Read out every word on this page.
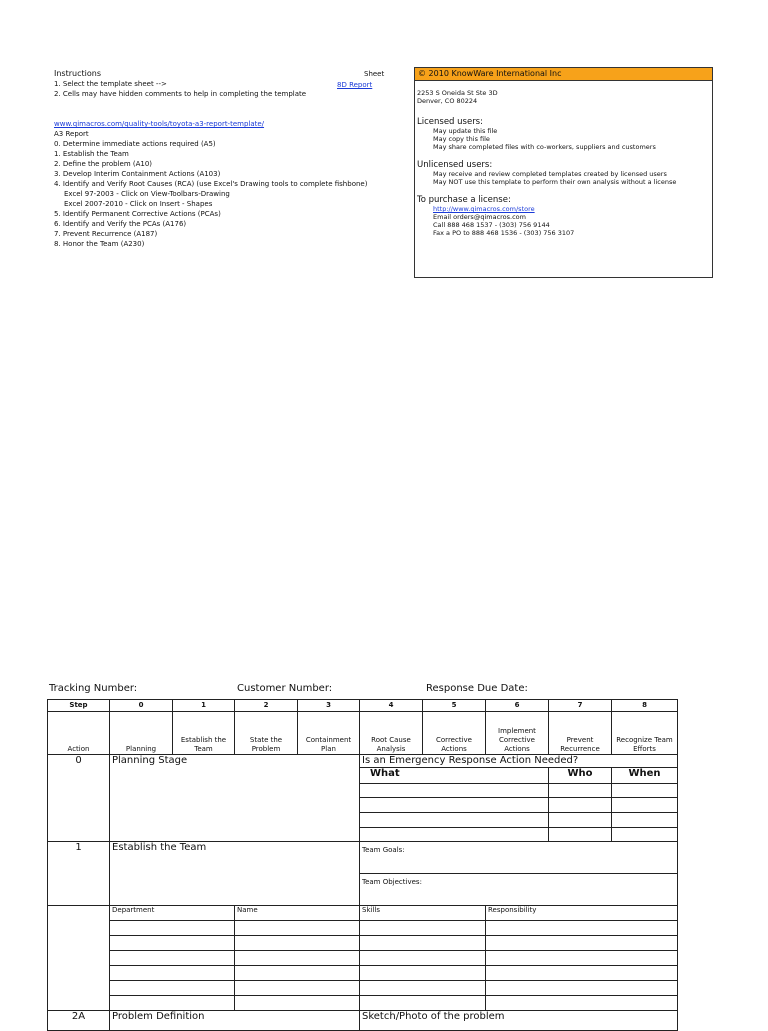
Instructions
1. Select the template sheet -->
2. Cells may have hidden comments to help in completing the template
www.qimacros.com/quality-tools/toyota-a3-report-template/
A3 Report
0. Determine immediate actions required (A5)
1. Establish the Team
2. Define the problem (A10)
3. Develop Interim Containment Actions (A103)
4. Identify and Verify Root Causes (RCA) (use Excel's Drawing tools to complete fishbone)
Excel 97-2003 - Click on View-Toolbars-Drawing
Excel 2007-2010 - Click on Insert - Shapes
5. Identify Permanent Corrective Actions (PCAs)
6. Identify and Verify the PCAs (A176)
7. Prevent Recurrence (A187)
8. Honor the Team (A230)
Sheet
8D Report
© 2010 KnowWare International Inc
2253 S Oneida St Ste 3D
Denver, CO 80224
Licensed users:
May update this file
May copy this file
May share completed files with co-workers, suppliers and customers
Unlicensed users:
May receive and review completed templates created by licensed users
May NOT use this template to perform their own analysis without a license
To purchase a license:
http://www.qimacros.com/store
Email orders@qimacros.com
Call 888 468 1537 - (303) 756 9144
Fax a PO to 888 468 1536 - (303) 756 3107
Tracking Number:	Customer Number:	Response Due Date:
Step	0	1	2	3	4	5	6	7	8
Action	Planning	Establish the Team	State the Problem	Containment Plan	Root Cause Analysis	Corrective Actions	Implement Corrective Actions	Prevent Recurrence	Recognize Team Efforts
0	Planning Stage				Is an Emergency Response Action Needed?				
					What			Who	When

1	Establish the Team				Team Goals:				
					Team Objectives:				
	Department		Name		Skills		Responsibility		

2A	Problem Definition				Sketch/Photo of the problem				
